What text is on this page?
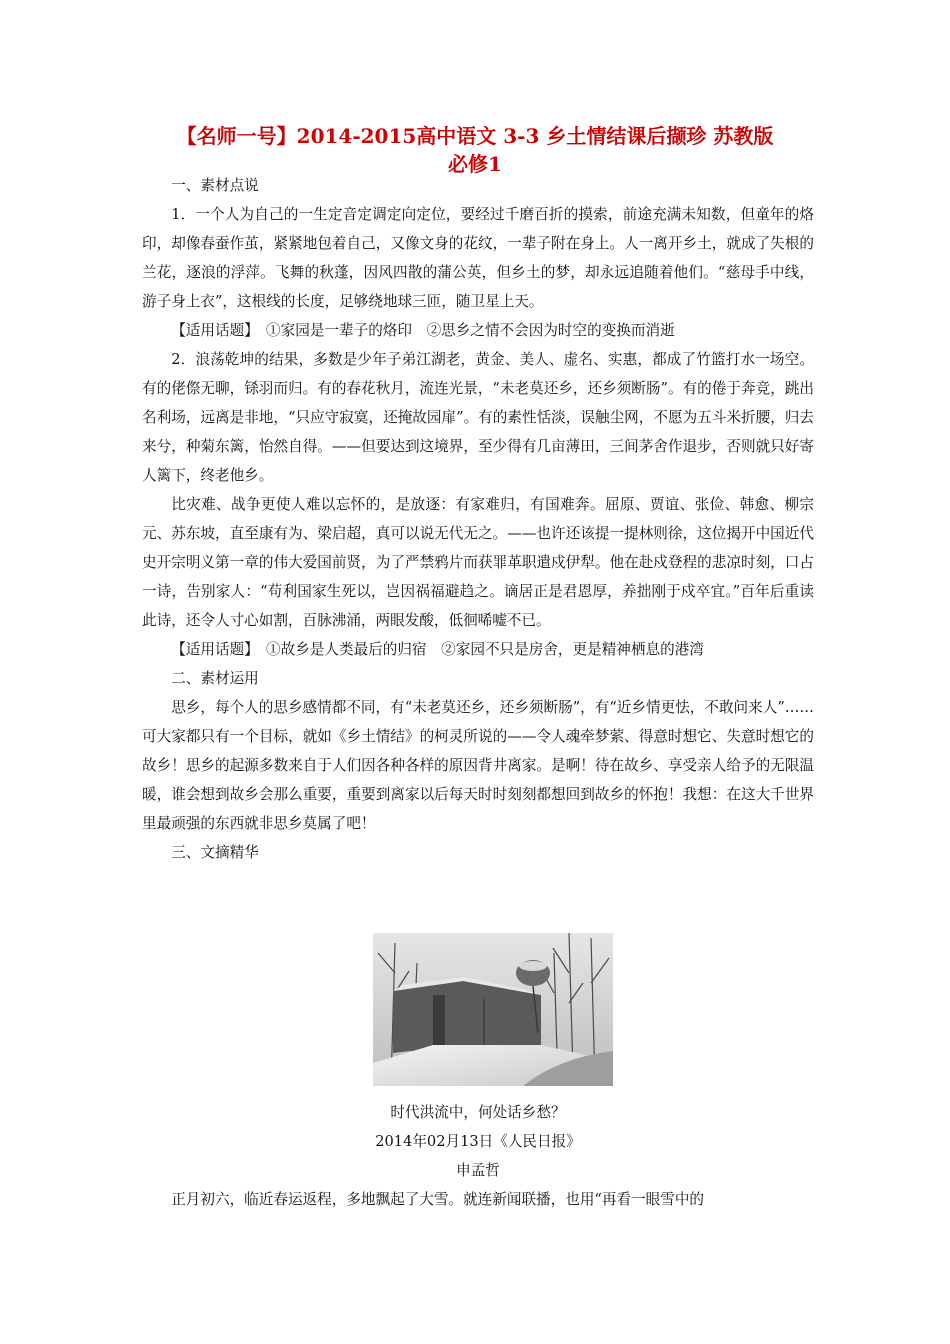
【名师一号】2014-2015高中语文 3-3 乡土情结课后撷珍 苏教版
必修1

一、素材点说

1．一个人为自己的一生定音定调定向定位，要经过千磨百折的摸索，前途充满未知数，但童年的烙印，却像春蚕作茧，紧紧地包着自己，又像文身的花纹，一辈子附在身上。人一离开乡土，就成了失根的兰花，逐浪的浮萍。飞舞的秋蓬，因风四散的蒲公英，但乡土的梦，却永远追随着他们。“慈母手中线，游子身上衣”，这根线的长度，足够绕地球三匝，随卫星上天。

【适用话题】　①家园是一辈子的烙印　②思乡之情不会因为时空的变换而消逝

2．浪荡乾坤的结果，多数是少年子弟江湖老，黄金、美人、虚名、实惠，都成了竹篮打水一场空。有的佬傺无聊，铩羽而归。有的春花秋月，流连光景，“未老莫还乡，还乡须断肠”。有的倦于奔竞，跳出名利场，远离是非地，“只应守寂寞，还掩故园扉”。有的素性恬淡，误触尘网，不愿为五斗米折腰，归去来兮，种菊东篱，怡然自得。——但要达到这境界，至少得有几亩薄田，三间茅舍作退步，否则就只好寄人篱下，终老他乡。

比灾难、战争更使人难以忘怀的，是放逐：有家难归，有国难奔。屈原、贾谊、张俭、韩愈、柳宗元、苏东坡，直至康有为、梁启超，真可以说无代无之。——也许还该提一提林则徐，这位揭开中国近代史开宗明义第一章的伟大爱国前贤，为了严禁鸦片而获罪革职遣戍伊犁。他在赴戍登程的悲凉时刻，口占一诗，告别家人：“苟利国家生死以，岂因祸福避趋之。谪居正是君恩厚，养拙刚于戍卒宜。”百年后重读此诗，还令人寸心如割，百脉沸涌，两眼发酸，低徊唏嘘不已。

【适用话题】　①故乡是人类最后的归宿　②家园不只是房舍，更是精神栖息的港湾

二、素材运用

思乡，每个人的思乡感情都不同，有“未老莫还乡，还乡须断肠”，有“近乡情更怯，不敢问来人”……可大家都只有一个目标，就如《乡土情结》的柯灵所说的——令人魂牵梦萦、得意时想它、失意时想它的故乡！思乡的起源多数来自于人们因各种各样的原因背井离家。是啊！待在故乡、享受亲人给予的无限温暖，谁会想到故乡会那么重要，重要到离家以后每天时时刻刻都想回到故乡的怀抱！我想：在这大千世界里最顽强的东西就非思乡莫属了吧！

三、文摘精华

时代洪流中，何处话乡愁？

2014年02月13日《人民日报》

申孟哲

正月初六，临近春运返程，多地飘起了大雪。就连新闻联播，也用“再看一眼雪中的
